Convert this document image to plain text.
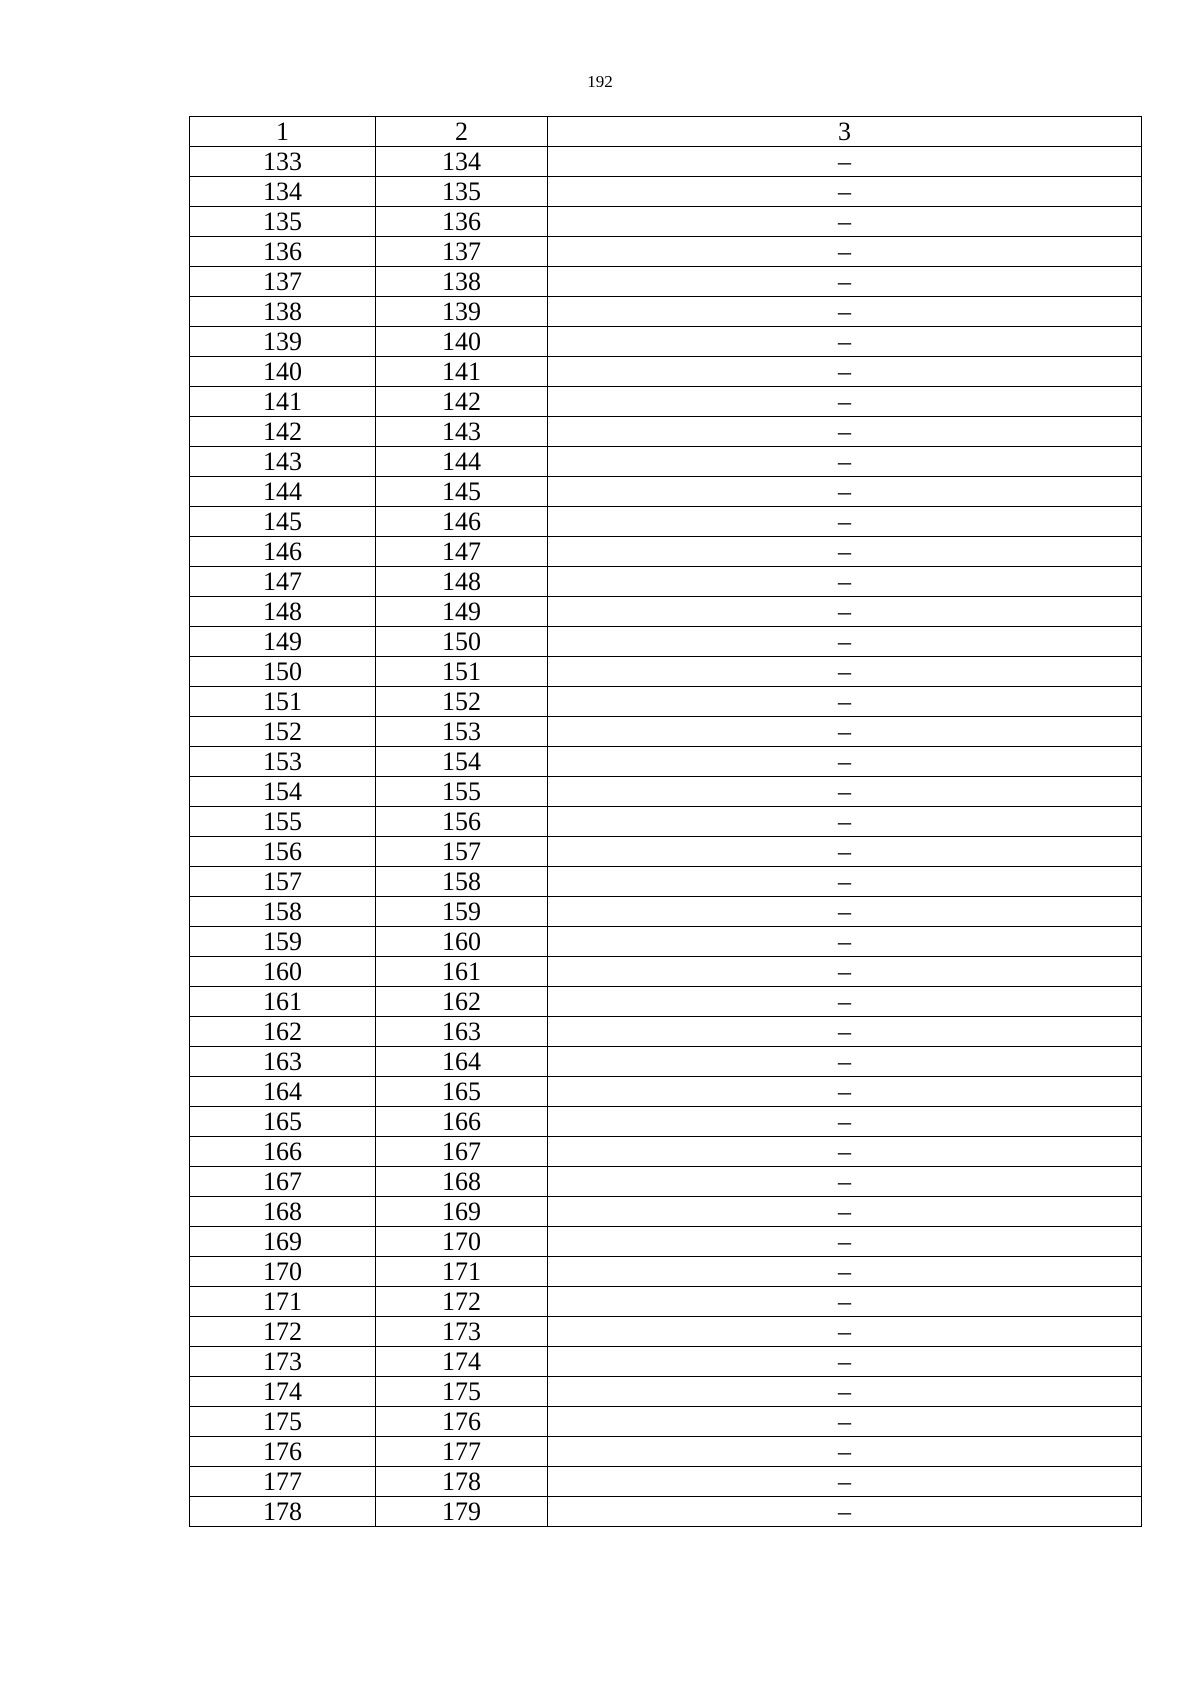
192
1	2	3
133	134	–
134	135	–
135	136	–
136	137	–
137	138	–
138	139	–
139	140	–
140	141	–
141	142	–
142	143	–
143	144	–
144	145	–
145	146	–
146	147	–
147	148	–
148	149	–
149	150	–
150	151	–
151	152	–
152	153	–
153	154	–
154	155	–
155	156	–
156	157	–
157	158	–
158	159	–
159	160	–
160	161	–
161	162	–
162	163	–
163	164	–
164	165	–
165	166	–
166	167	–
167	168	–
168	169	–
169	170	–
170	171	–
171	172	–
172	173	–
173	174	–
174	175	–
175	176	–
176	177	–
177	178	–
178	179	–
